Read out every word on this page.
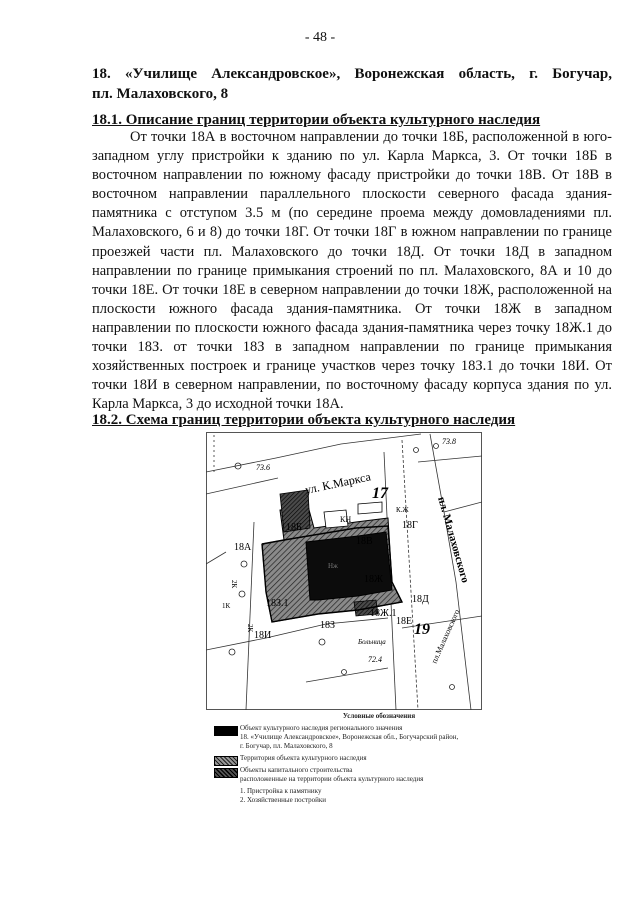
- 48 -
18. «Училище Александровское», Воронежская область, г. Богучар,
пл. Малаховского, 8
18.1. Описание границ территории объекта культурного наследия

От точки 18А в восточном направлении до точки 18Б, расположенной в юго-западном углу пристройки к зданию по ул. Карла Маркса, 3. От точки 18Б в восточном направлении по южному фасаду пристройки до точки 18В. От 18В в восточном направлении параллельного плоскости северного фасада здания-памятника с отступом 3.5 м (по середине проема между домовладениями пл. Малаховского, 6 и 8) до точки 18Г. От точки 18Г в южном направлении по границе проезжей части пл. Малаховского до точки 18Д. От точки 18Д в западном направлении по границе примыкания строений по пл. Малаховского, 8А и 10 до точки 18Е. От точки 18Е в северном направлении до точки 18Ж, расположенной на плоскости южного фасада здания-памятника. От точки 18Ж в западном направлении по плоскости южного фасада здания-памятника через точку 18Ж.1 до точки 18З. от точки 18З в западном направлении по границе примыкания хозяйственных построек и границе участков через точку 18З.1 до точки 18И. От точки 18И в северном направлении, по восточному фасаду корпуса здания по ул. Карла Маркса, 3 до исходной точки 18А.

18.2. Схема границ территории объекта культурного наследия
73.6
73.8
72.4
ул. К.Маркса
пл. Малаховского
пл.Малаховского
17
19
КН
2К
2К
1К
К.Ж
Нж
Больница
18А
18Б
18В
18Г
18Д
18Е
18Ж
18Ж.1
18З
18З.1
18И
Условные обозначения
Объект культурного наследия регионального значения
18. «Училище Александровское», Воронежская обл., Богучарский район,
г. Богучар, пл. Малаховского, 8
Территория объекта культурного наследия
Объекты капитального строительства
расположенные на территории объекта культурного наследия
1. Пристройка к памятнику
2. Хозяйственные постройки
